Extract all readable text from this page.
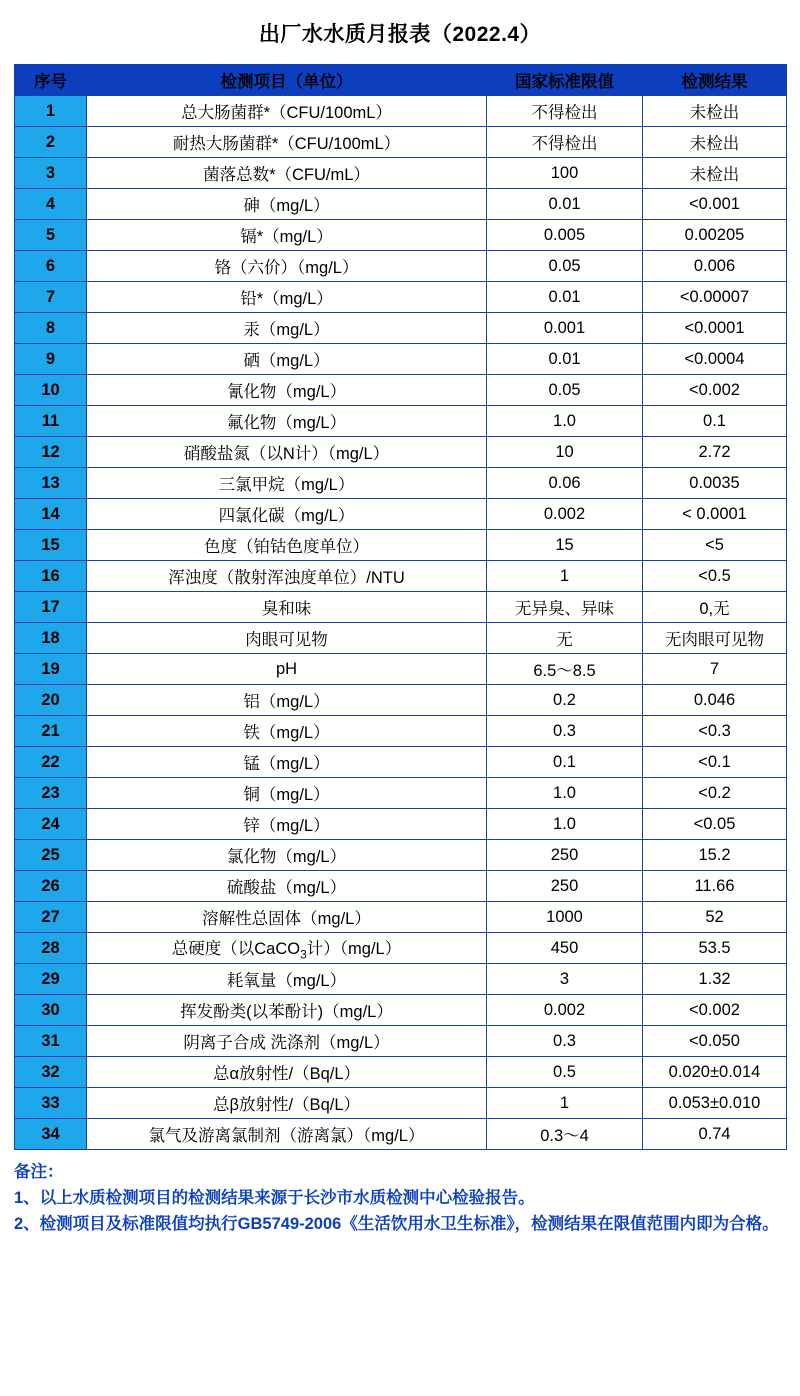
出厂水水质月报表（2022.4）
序号	检测项目（单位）	国家标准限值	检测结果
1	总大肠菌群*（CFU/100mL）	不得检出	未检出
2	耐热大肠菌群*（CFU/100mL）	不得检出	未检出
3	菌落总数*（CFU/mL）	100	未检出
4	砷（mg/L）	0.01	<0.001
5	镉*（mg/L）	0.005	0.00205
6	铬（六价）（mg/L）	0.05	0.006
7	铅*（mg/L）	0.01	<0.00007
8	汞（mg/L）	0.001	<0.0001
9	硒（mg/L）	0.01	<0.0004
10	氰化物（mg/L）	0.05	<0.002
11	氟化物（mg/L）	1.0	0.1
12	硝酸盐氮（以N计）（mg/L）	10	2.72
13	三氯甲烷（mg/L）	0.06	0.0035
14	四氯化碳（mg/L）	0.002	< 0.0001
15	色度（铂钴色度单位）	15	<5
16	浑浊度（散射浑浊度单位）/NTU	1	<0.5
17	臭和味	无异臭、异味	0,无
18	肉眼可见物	无	无肉眼可见物
19	pH	6.5～8.5	7
20	铝（mg/L）	0.2	0.046
21	铁（mg/L）	0.3	<0.3
22	锰（mg/L）	0.1	<0.1
23	铜（mg/L）	1.0	<0.2
24	锌（mg/L）	1.0	<0.05
25	氯化物（mg/L）	250	15.2
26	硫酸盐（mg/L）	250	11.66
27	溶解性总固体（mg/L）	1000	52
28	总硬度（以CaCO$_3$计）（mg/L）	450	53.5
29	耗氧量（mg/L）	3	1.32
30	挥发酚类(以苯酚计)（mg/L）	0.002	<0.002
31	阴离子合成 洗涤剂（mg/L）	0.3	<0.050
32	总α放射性/（Bq/L）	0.5	0.020±0.014
33	总β放射性/（Bq/L）	1	0.053±0.010
34	氯气及游离氯制剂（游离氯）（mg/L）	0.3～4	0.74
备注：
1、以上水质检测项目的检测结果来源于长沙市水质检测中心检验报告。
2、检测项目及标准限值均执行GB5749-2006《生活饮用水卫生标准》，检测结果在限值范围内即为合格。
